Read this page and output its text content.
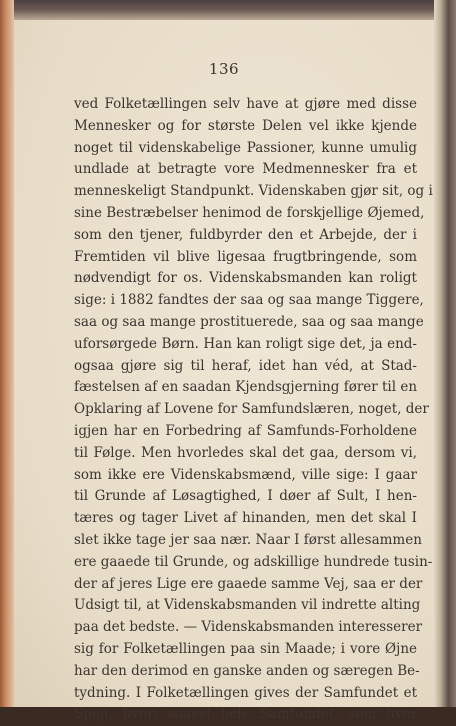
136
ved Folketællingen selv have at gjøre med disse
Mennesker og for største Delen vel ikke kjende
noget til videnskabelige Passioner, kunne umulig
undlade at betragte vore Medmennesker fra et
menneskeligt Standpunkt. Videnskaben gjør sit, og i
sine Bestræbelser henimod de forskjellige Øjemed,
som den tjener, fuldbyrder den et Arbejde, der i
Fremtiden vil blive ligesaa frugtbringende, som
nødvendigt for os. Videnskabsmanden kan roligt
sige: i 1882 fandtes der saa og saa mange Tiggere,
saa og saa mange prostituerede, saa og saa mange
uforsørgede Børn. Han kan roligt sige det, ja end-
ogsaa gjøre sig til heraf, idet han véd, at Stad-
fæstelsen af en saadan Kjendsgjerning fører til en
Opklaring af Lovene for Samfundslæren, noget, der
igjen har en Forbedring af Samfunds-Forholdene
til Følge. Men hvorledes skal det gaa, dersom vi,
som ikke ere Videnskabsmænd, ville sige: I gaar
til Grunde af Løsagtighed, I døer af Sult, I hen-
tæres og tager Livet af hinanden, men det skal I
slet ikke tage jer saa nær. Naar I først allesammen
ere gaaede til Grunde, og adskillige hundrede tusin-
der af jeres Lige ere gaaede samme Vej, saa er der
Udsigt til, at Videnskabsmanden vil indrette alting
paa det bedste. — Videnskabsmanden interesserer
sig for Folketællingen paa sin Maade; i vore Øjne
har den derimod en ganske anden og særegen Be-
tydning. I Folketællingen gives der Samfundet et
Spejl, hvori saavel hele Samfundet, som hver
